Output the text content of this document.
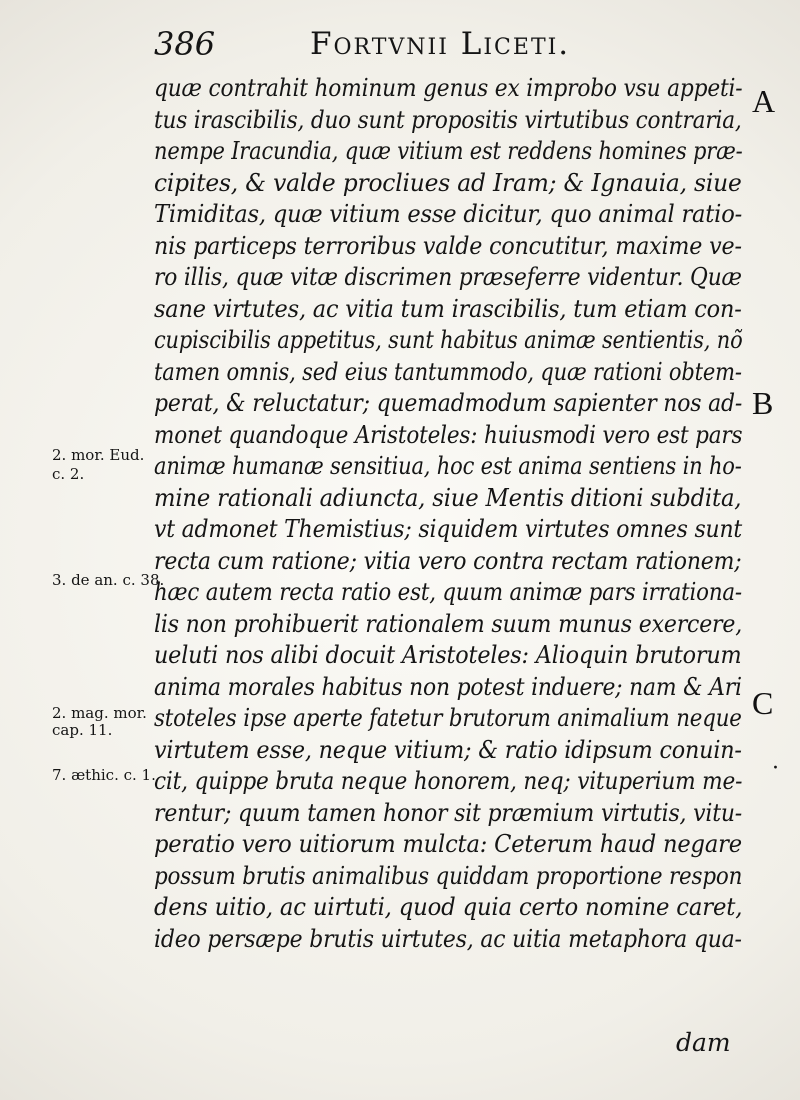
386	Fortvnii Liceti.
quæ contrahit hominum genus ex improbo vsu appeti-
tus irascibilis, duo sunt propositis virtutibus contraria,
nempe Iracundia, quæ vitium est reddens homines præ-
cipites, & valde procliues ad Iram; & Ignauia, siue
Timiditas, quæ vitium esse dicitur, quo animal ratio-
nis particeps terroribus valde concutitur, maxime ve-
ro illis, quæ vitæ discrimen præseferre videntur. Quæ
sane virtutes, ac vitia tum irascibilis, tum etiam con-
cupiscibilis appetitus, sunt habitus animæ sentientis, nõ
tamen omnis, sed eius tantummodo, quæ rationi obtem-
perat, & reluctatur; quemadmodum sapienter nos ad-
monet quandoque Aristoteles: huiusmodi vero est pars
animæ humanæ sensitiua, hoc est anima sentiens in ho-
mine rationali adiuncta, siue Mentis ditioni subdita,
vt admonet Themistius; siquidem virtutes omnes sunt
recta cum ratione; vitia vero contra rectam rationem;
hæc autem recta ratio est, quum animæ pars irrationa-
lis non prohibuerit rationalem suum munus exercere,
ueluti nos alibi docuit Aristoteles: Alioquin brutorum
anima morales habitus non potest induere; nam & Ari
stoteles ipse aperte fatetur brutorum animalium neque
virtutem esse, neque vitium; & ratio idipsum conuin-
cit, quippe bruta neque honorem, neq; vituperium me-
rentur; quum tamen honor sit præmium virtutis, vitu-
peratio vero uitiorum mulcta: Ceterum haud negare
possum brutis animalibus quiddam proportione respon
dens uitio, ac uirtuti, quod quia certo nomine caret,
ideo persæpe brutis uirtutes, ac uitia metaphora qua-
dam
2. mor. Eud.
c. 2.
3. de an. c. 38.
2. mag. mor.
cap. 11.
7. æthic. c. 1.
A
B
C
·
